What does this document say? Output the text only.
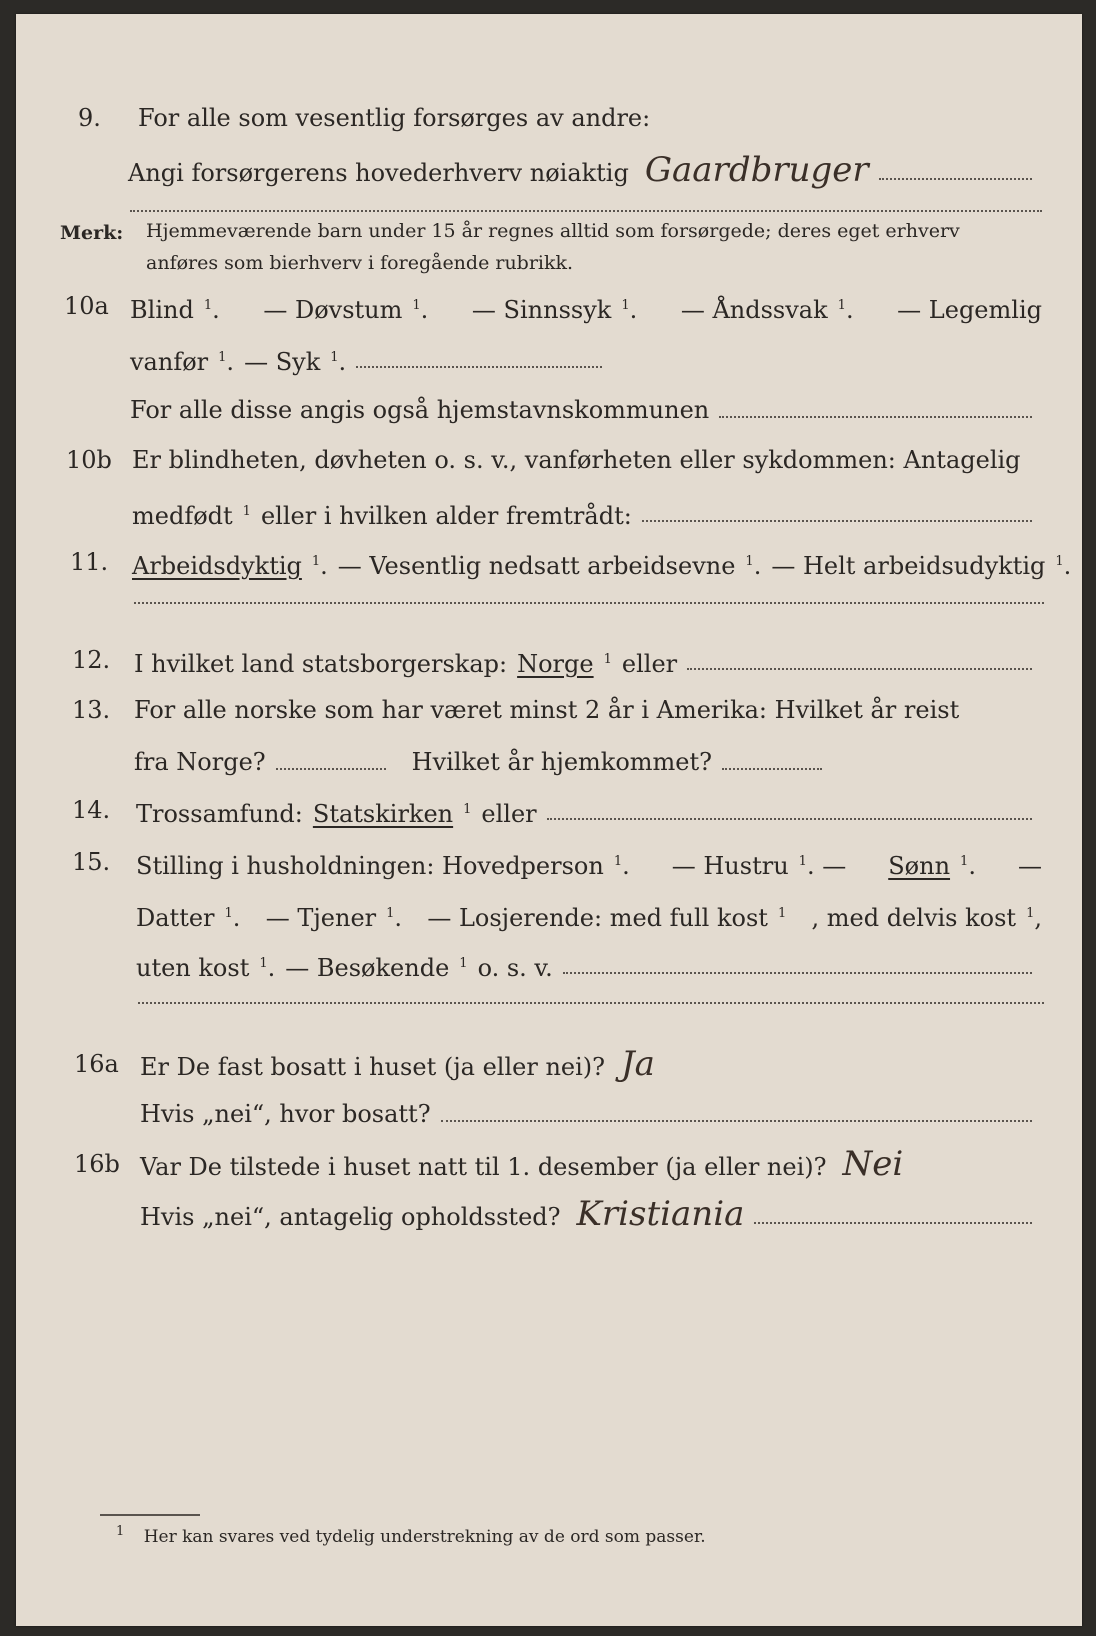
9.	For alle som vesentlig forsørges av andre:
Angi forsørgerens hovederhverv nøiaktig Gaardbruger
Merk: Hjemmeværende barn under 15 år regnes alltid som forsørgede; deres eget erhverv
anføres som bierhverv i foregående rubrikk.
10a Blind $^1$. — Døvstum $^1$. — Sinnssyk $^1$. — Åndssvak $^1$. — Legemlig
vanfør $^1$. — Syk $^1$.
For alle disse angis også hjemstavnskommunen
10b Er blindheten, døvheten o. s. v., vanførheten eller sykdommen: Antagelig
medfødt $^1$ eller i hvilken alder fremtrådt:
11. Arbeidsdyktig $^1$. — Vesentlig nedsatt arbeidsevne $^1$. — Helt arbeidsudyktig $^1$.
12. I hvilket land statsborgerskap: Norge $^1$ eller
13. For alle norske som har været minst 2 år i Amerika: Hvilket år reist
fra Norge?	Hvilket år hjemkommet?
14.	Trossamfund: Statskirken $^1$ eller
15.	Stilling i husholdningen: Hovedperson $^1$. — Hustru $^1$. — Sønn $^1$. —
Datter $^1$. — Tjener $^1$. — Losjerende: med full kost $^1$ , med delvis kost $^1$,
uten kost $^1$. — Besøkende $^1$ o. s. v.
16a Er De fast bosatt i huset (ja eller nei)? Ja
Hvis „nei“, hvor bosatt?
16b Var De tilstede i huset natt til 1. desember (ja eller nei)? Nei
Hvis „nei“, antagelig opholdssted? Kristiania
$^1$ Her kan svares ved tydelig understrekning av de ord som passer.
